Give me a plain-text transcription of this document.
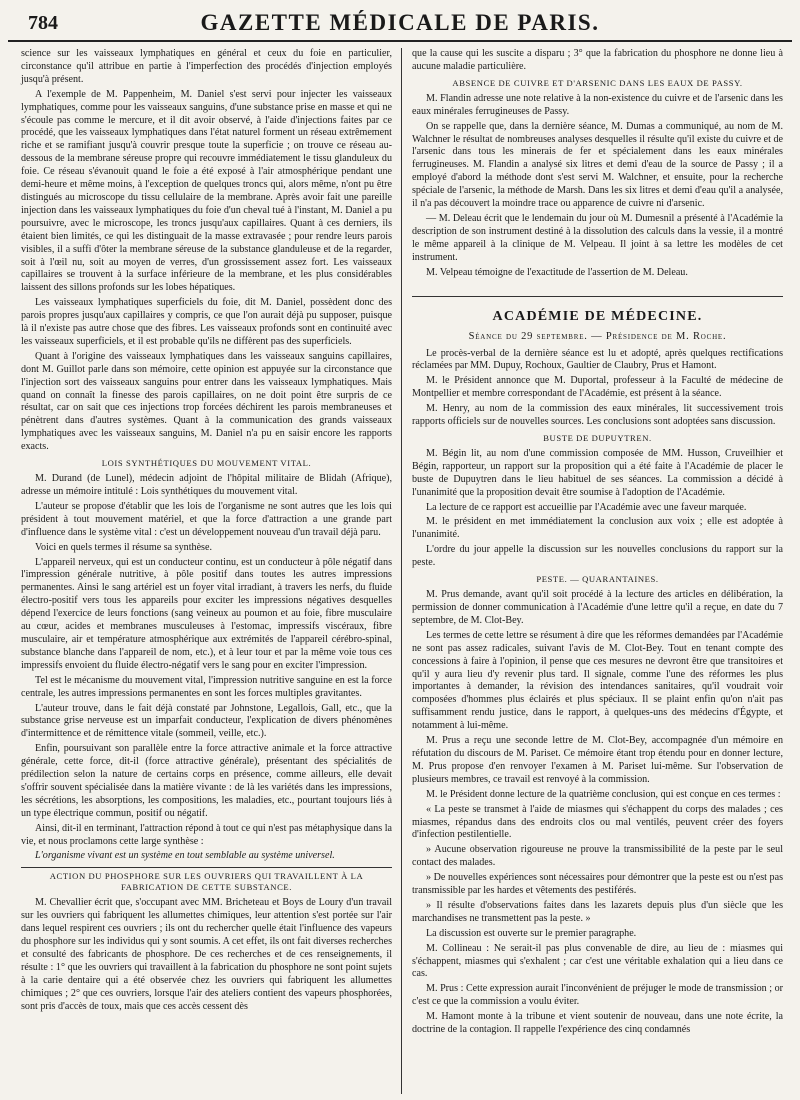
784	GAZETTE MÉDICALE DE PARIS.

science sur les vaisseaux lymphatiques en général et ceux du foie en particulier, circonstance qu'il attribue en partie à l'imperfection des procédés d'injection employés jusqu'à présent.

A l'exemple de M. Pappenheim, M. Daniel s'est servi pour injecter les vaisseaux lymphatiques, comme pour les vaisseaux sanguins, d'une substance prise en masse et qui ne s'écoule pas comme le mercure, et il dit avoir observé, à l'aide d'injections faites par ce procédé, que les vaisseaux lymphatiques dans l'état naturel forment un réseau extrêmement riche et se ramifiant jusqu'à couvrir presque toute la superficie ; on trouve ce réseau au-dessous de la membrane séreuse propre qui recouvre immédiatement le tissu glanduleux du foie. Ce réseau s'évanouit quand le foie a été exposé à l'air atmosphérique pendant une demi-heure et même moins, à l'exception de quelques troncs qui, alors même, n'ont pu être distingués au microscope du tissu cellulaire de la membrane. Après avoir fait une pareille injection dans les vaisseaux lymphatiques du foie d'un cheval tué à l'instant, M. Daniel a pu poursuivre, avec le microscope, les troncs jusqu'aux capillaires. Quant à ces derniers, ils étaient bien limités, ce qui les distinguait de la masse extravasée ; pour rendre leurs parois visibles, il a suffi d'ôter la membrane séreuse de la substance glanduleuse et de la regarder, soit à l'œil nu, soit au moyen de verres, d'un grossissement assez fort. Les vaisseaux capillaires se trouvent à la surface inférieure de la membrane, et les plus considérables laissent des sillons profonds sur les lobes hépatiques.

Les vaisseaux lymphatiques superficiels du foie, dit M. Daniel, possèdent donc des parois propres jusqu'aux capillaires y compris, ce que l'on aurait déjà pu supposer, puisque là il n'existe pas autre chose que des fibres. Les vaisseaux profonds sont en continuité avec les vaisseaux superficiels, et il est probable qu'ils ne diffèrent pas des superficiels.

Quant à l'origine des vaisseaux lymphatiques dans les vaisseaux sanguins capillaires, dont M. Guillot parle dans son mémoire, cette opinion est appuyée sur la circonstance que l'injection sort des vaisseaux sanguins pour entrer dans les vaisseaux lymphatiques. Mais quand on connaît la finesse des parois capillaires, on ne doit point être surpris de ce résultat, car on sait que ces injections trop forcées déchirent les parois membraneuses et pénètrent dans d'autres systèmes. Quant à la communication des grands vaisseaux lymphatiques avec les vaisseaux sanguins, M. Daniel n'a pu en saisir encore les rapports exacts.

LOIS SYNTHÉTIQUES DU MOUVEMENT VITAL.

M. Durand (de Lunel), médecin adjoint de l'hôpital militaire de Blidah (Afrique), adresse un mémoire intitulé : Lois synthétiques du mouvement vital.

L'auteur se propose d'établir que les lois de l'organisme ne sont autres que les lois qui président à tout mouvement matériel, et que la force d'attraction a une grande part d'influence dans le système vital : c'est un développement nouveau d'un travail déjà paru.

Voici en quels termes il résume sa synthèse.

L'appareil nerveux, qui est un conducteur continu, est un conducteur à pôle négatif dans l'impression générale nutritive, à pôle positif dans toutes les autres impressions permanentes. Ainsi le sang artériel est un foyer vital irradiant, à travers les nerfs, du fluide électro-positif vers tous les appareils pour exciter les impressions négatives desquelles dépend l'exercice de leurs fonctions (sang veineux au poumon et au foie, fibre musculaire au cœur, acides et membranes musculeuses à l'estomac, impressifs viscéraux, fibre musculaire, air et température atmosphérique aux extrémités de l'appareil cérébro-spinal, substance blanche dans l'appareil de nom, etc.), et à leur tour et par la même voie tous ces impressifs envoient du fluide électro-négatif vers le sang pour en exciter l'impression.

Tel est le mécanisme du mouvement vital, l'impression nutritive sanguine en est la force centrale, les autres impressions permanentes en sont les forces multiples gravitantes.

L'auteur trouve, dans le fait déjà constaté par Johnstone, Legallois, Gall, etc., que la substance grise nerveuse est un imparfait conducteur, l'explication de divers phénomènes d'intermittence et de rémittence vitale (sommeil, veille, etc.).

Enfin, poursuivant son parallèle entre la force attractive animale et la force attractive générale, cette force, dit-il (force attractive générale), présentant des spécialités de prédilection selon la nature de certains corps en présence, comme ailleurs, elle devait s'offrir souvent spécialisée dans la matière vivante : de là les variétés dans les impressions, les sécrétions, les absorptions, les compositions, les maladies, etc., pourtant toujours liés à un type électrique commun, positif ou négatif.

Ainsi, dit-il en terminant, l'attraction répond à tout ce qui n'est pas métaphysique dans la vie, et nous proclamons cette large synthèse :

L'organisme vivant est un système en tout semblable au système universel.

ACTION DU PHOSPHORE SUR LES OUVRIERS QUI TRAVAILLENT À LA FABRICATION DE CETTE SUBSTANCE.

M. Chevallier écrit que, s'occupant avec MM. Bricheteau et Boys de Loury d'un travail sur les ouvriers qui fabriquent les allumettes chimiques, leur attention s'est portée sur l'air dans lequel respirent ces ouvriers ; ils ont du rechercher quelle était l'influence des vapeurs du phosphore sur les individus qui y sont soumis. A cet effet, ils ont fait diverses recherches et consulté des fabricants de phosphore. De ces recherches et de ces renseignements, il résulte : 1° que les ouvriers qui travaillent à la fabrication du phosphore ne sont point sujets à la carie dentaire qui a été observée chez les ouvriers qui fabriquent les allumettes chimiques ; 2° que ces ouvriers, lorsque l'air des ateliers contient des vapeurs phosphorées, sont pris d'accès de toux, mais que ces accès cessent dès

que la cause qui les suscite a disparu ; 3° que la fabrication du phosphore ne donne lieu à aucune maladie particulière.

ABSENCE DE CUIVRE ET D'ARSENIC DANS LES EAUX DE PASSY.

M. Flandin adresse une note relative à la non-existence du cuivre et de l'arsenic dans les eaux minérales ferrugineuses de Passy.

On se rappelle que, dans la dernière séance, M. Dumas a communiqué, au nom de M. Walchner le résultat de nombreuses analyses desquelles il résulte qu'il existe du cuivre et de l'arsenic dans tous les minerais de fer et spécialement dans les eaux minérales ferrugineuses. M. Flandin a analysé six litres et demi d'eau de la source de Passy ; il a employé d'abord la méthode dont s'est servi M. Walchner, et ensuite, pour la recherche spéciale de l'arsenic, la méthode de Marsh. Dans les six litres et demi d'eau qu'il a analysée, il n'a pas découvert la moindre trace ou apparence de cuivre ni d'arsenic.

— M. Deleau écrit que le lendemain du jour où M. Dumesnil a présenté à l'Académie la description de son instrument destiné à la dissolution des calculs dans la vessie, il a montré le même appareil à la clinique de M. Velpeau. Il joint à sa lettre les modèles de cet instrument.

M. Velpeau témoigne de l'exactitude de l'assertion de M. Deleau.

ACADÉMIE DE MÉDECINE.
Séance du 29 septembre. — Présidence de M. Roche.

Le procès-verbal de la dernière séance est lu et adopté, après quelques rectifications réclamées par MM. Dupuy, Rochoux, Gaultier de Claubry, Prus et Hamont.

M. le Président annonce que M. Duportal, professeur à la Faculté de médecine de Montpellier et membre correspondant de l'Académie, est présent à la séance.

M. Henry, au nom de la commission des eaux minérales, lit successivement trois rapports officiels sur de nouvelles sources. Les conclusions sont adoptées sans discussion.

BUSTE DE DUPUYTREN.

M. Bégin lit, au nom d'une commission composée de MM. Husson, Cruveilhier et Bégin, rapporteur, un rapport sur la proposition qui a été faite à l'Académie de placer le buste de Dupuytren dans le lieu habituel de ses séances. La commission a décidé à l'unanimité que la proposition devait être soumise à l'adoption de l'Académie.

La lecture de ce rapport est accueillie par l'Académie avec une faveur marquée.

M. le président en met immédiatement la conclusion aux voix ; elle est adoptée à l'unanimité.

L'ordre du jour appelle la discussion sur les nouvelles conclusions du rapport sur la peste.

PESTE. — QUARANTAINES.

M. Prus demande, avant qu'il soit procédé à la lecture des articles en délibération, la permission de donner communication à l'Académie d'une lettre qu'il a reçue, en date du 7 septembre, de M. Clot-Bey.

Les termes de cette lettre se résument à dire que les réformes demandées par l'Académie ne sont pas assez radicales, suivant l'avis de M. Clot-Bey. Tout en tenant compte des concessions à faire à l'opinion, il pense que ces mesures ne devront être que transitoires et qu'il y aura lieu d'y revenir plus tard. Il signale, comme l'une des réformes les plus importantes à demander, la révision des intendances sanitaires, qu'il voudrait voir composées d'hommes plus éclairés et plus spéciaux. Il se plaint enfin qu'on n'ait pas suffisamment rendu justice, dans le rapport, à quelques-uns des médecins d'Égypte, et notamment à lui-même.

M. Prus a reçu une seconde lettre de M. Clot-Bey, accompagnée d'un mémoire en réfutation du discours de M. Pariset. Ce mémoire étant trop étendu pour en donner lecture, M. Prus propose d'en renvoyer l'examen à M. Pariset lui-même. Sur l'observation de plusieurs membres, ce travail est renvoyé à la commission.

M. le Président donne lecture de la quatrième conclusion, qui est conçue en ces termes :

« La peste se transmet à l'aide de miasmes qui s'échappent du corps des malades ; ces miasmes, répandus dans des endroits clos ou mal ventilés, peuvent créer des foyers d'infection pestilentielle.

» Aucune observation rigoureuse ne prouve la transmissibilité de la peste par le seul contact des malades.

» De nouvelles expériences sont nécessaires pour démontrer que la peste est ou n'est pas transmissible par les hardes et vêtements des pestiférés.

» Il résulte d'observations faites dans les lazarets depuis plus d'un siècle que les marchandises ne transmettent pas la peste. »

La discussion est ouverte sur le premier paragraphe.

M. Collineau : Ne serait-il pas plus convenable de dire, au lieu de : miasmes qui s'échappent, miasmes qui s'exhalent ; car c'est une véritable exhalation qui a lieu dans ce cas.

M. Prus : Cette expression aurait l'inconvénient de préjuger le mode de transmission ; or c'est ce que la commission a voulu éviter.

M. Hamont monte à la tribune et vient soutenir de nouveau, dans une note écrite, la doctrine de la contagion. Il rappelle l'expérience des cinq condamnés
